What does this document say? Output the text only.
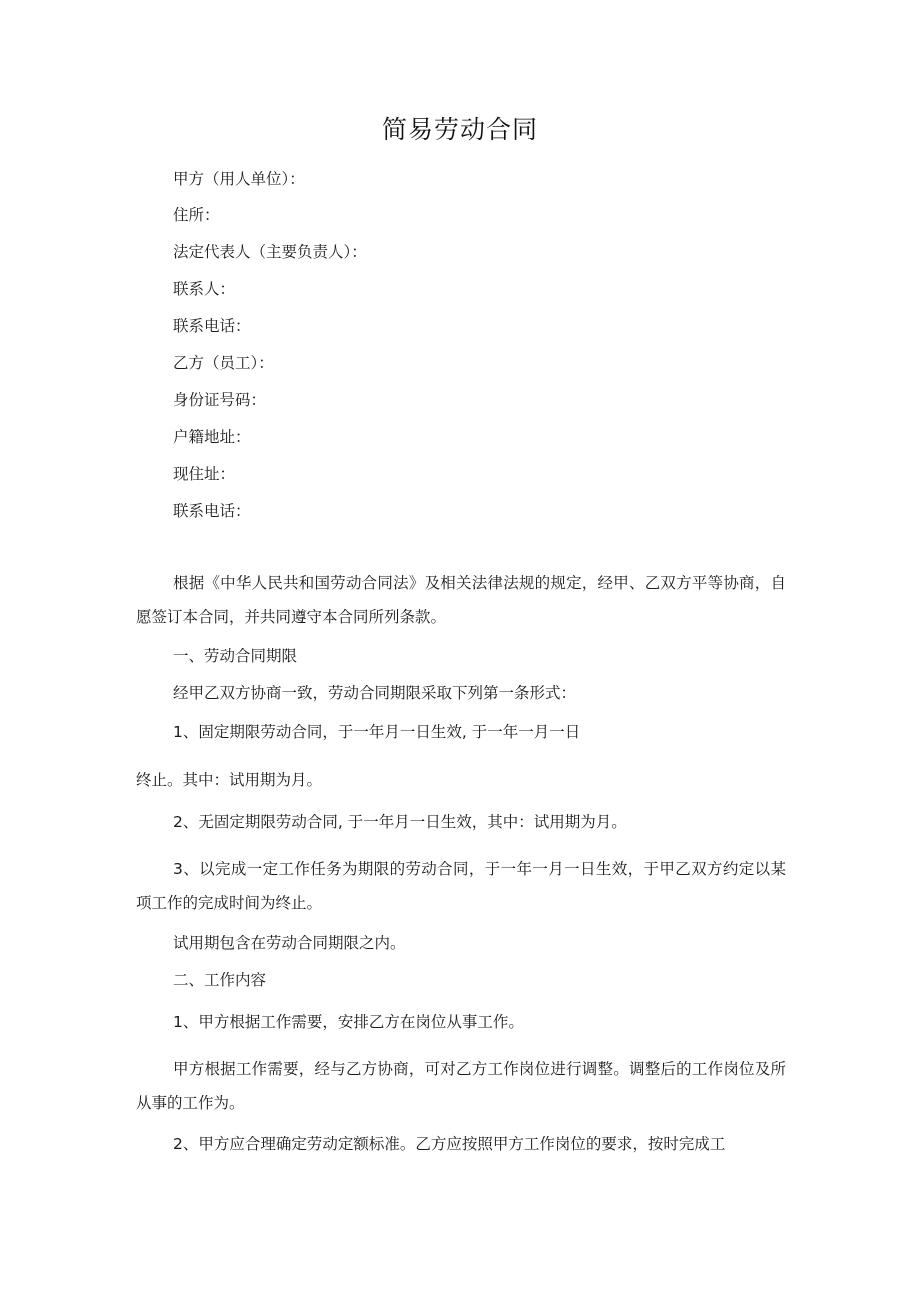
简易劳动合同
甲方（用人单位）：
住所：
法定代表人（主要负责人）：
联系人：
联系电话：
乙方（员工）：
身份证号码：
户籍地址：
现住址：
联系电话：
根据《中华人民共和国劳动合同法》及相关法律法规的规定，经甲、乙双方平等协商，自愿签订本合同，并共同遵守本合同所列条款。
一、劳动合同期限
经甲乙双方协商一致，劳动合同期限采取下列第一条形式：
1、固定期限劳动合同，于一年月一日生效, 于一年一月一日
终止。其中：试用期为月。
2、无固定期限劳动合同, 于一年月一日生效，其中：试用期为月。
3、以完成一定工作任务为期限的劳动合同，于一年一月一日生效，于甲乙双方约定以某项工作的完成时间为终止。
试用期包含在劳动合同期限之内。
二、工作内容
1、甲方根据工作需要，安排乙方在岗位从事工作。
甲方根据工作需要，经与乙方协商，可对乙方工作岗位进行调整。调整后的工作岗位及所从事的工作为。
2、甲方应合理确定劳动定额标准。乙方应按照甲方工作岗位的要求，按时完成工
